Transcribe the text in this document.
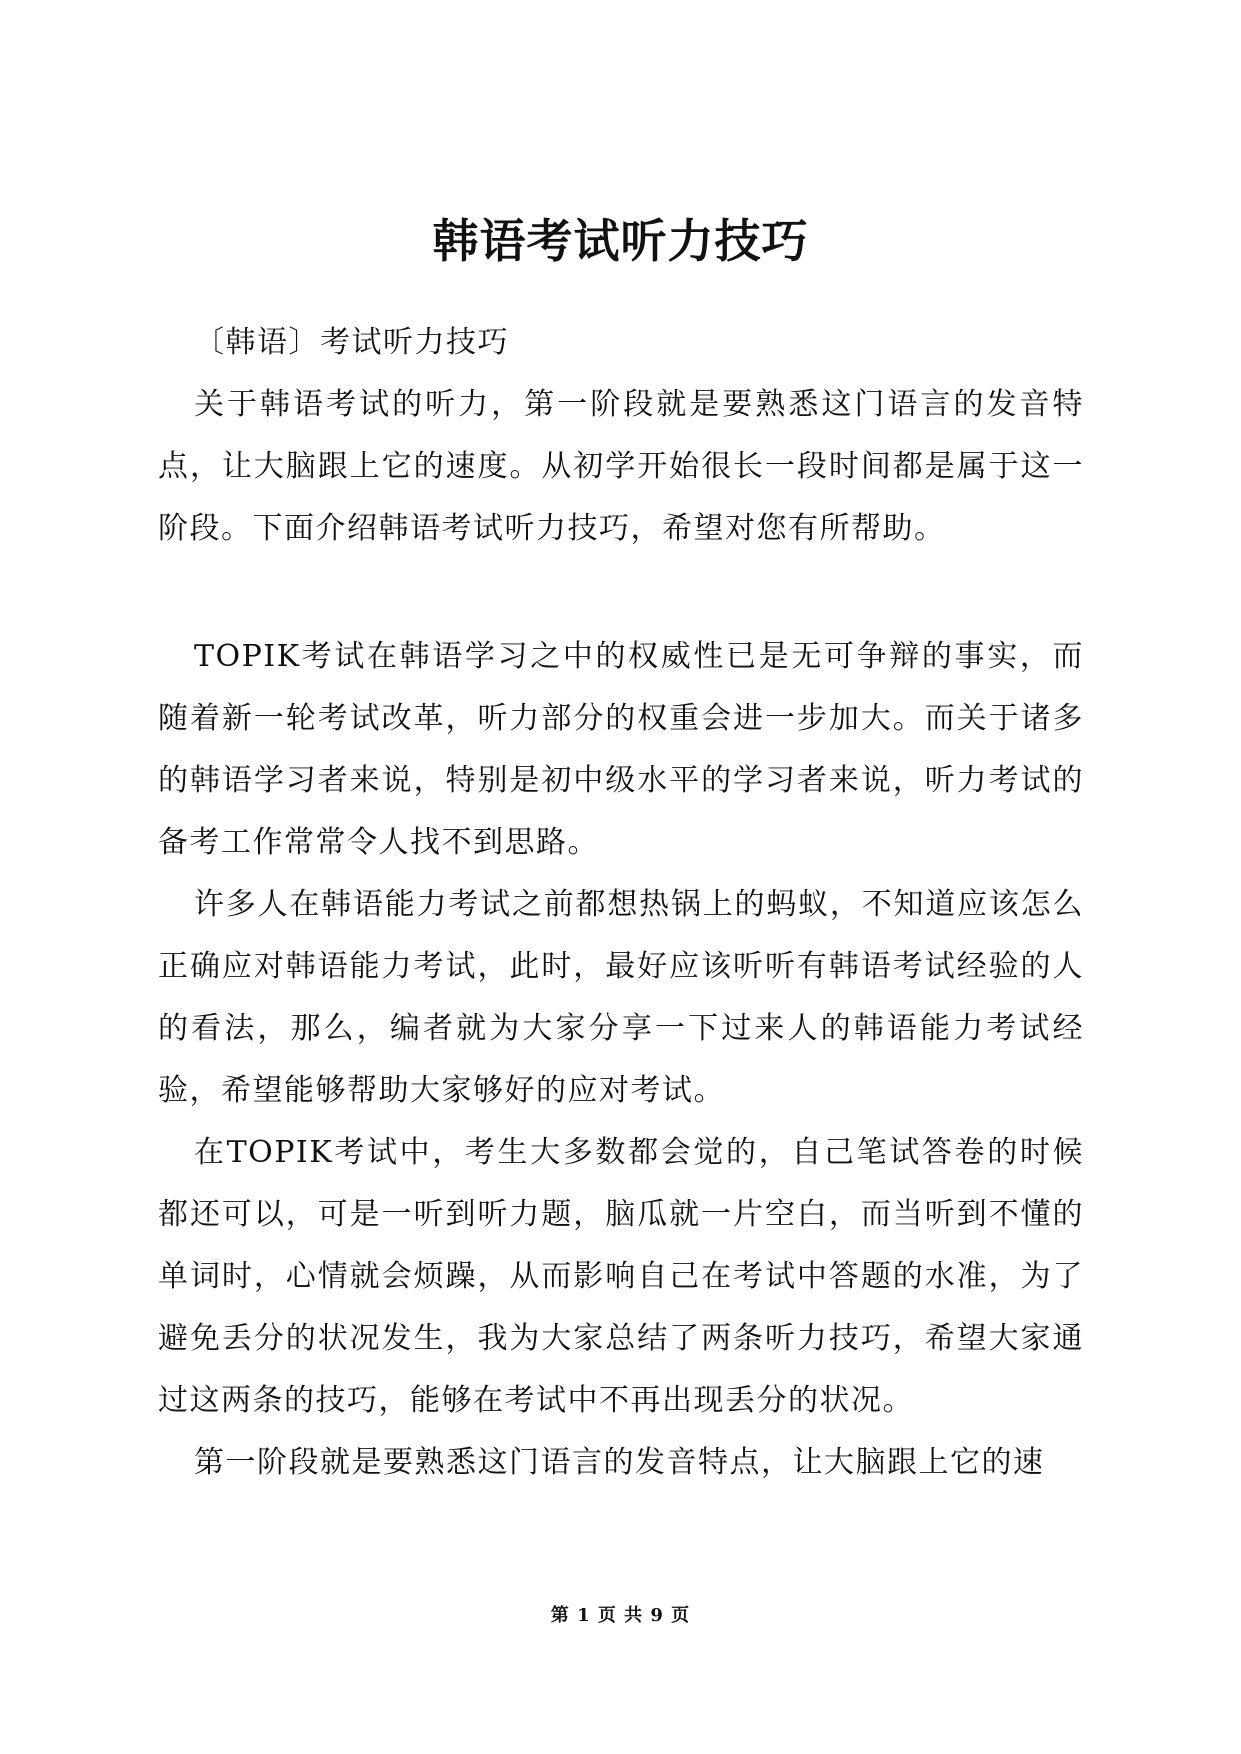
韩语考试听力技巧

〔韩语〕考试听力技巧

关于韩语考试的听力，第一阶段就是要熟悉这门语言的发音特点，让大脑跟上它的速度。从初学开始很长一段时间都是属于这一阶段。下面介绍韩语考试听力技巧，希望对您有所帮助。

TOPIK考试在韩语学习之中的权威性已是无可争辩的事实，而随着新一轮考试改革，听力部分的权重会进一步加大。而关于诸多的韩语学习者来说，特别是初中级水平的学习者来说，听力考试的备考工作常常令人找不到思路。

许多人在韩语能力考试之前都想热锅上的蚂蚁，不知道应该怎么正确应对韩语能力考试，此时，最好应该听听有韩语考试经验的人的看法，那么，编者就为大家分享一下过来人的韩语能力考试经验，希望能够帮助大家够好的应对考试。

在TOPIK考试中，考生大多数都会觉的，自己笔试答卷的时候都还可以，可是一听到听力题，脑瓜就一片空白，而当听到不懂的单词时，心情就会烦躁，从而影响自己在考试中答题的水准，为了避免丢分的状况发生，我为大家总结了两条听力技巧，希望大家通过这两条的技巧，能够在考试中不再出现丢分的状况。

第一阶段就是要熟悉这门语言的发音特点，让大脑跟上它的速

第 1 页 共 9 页
